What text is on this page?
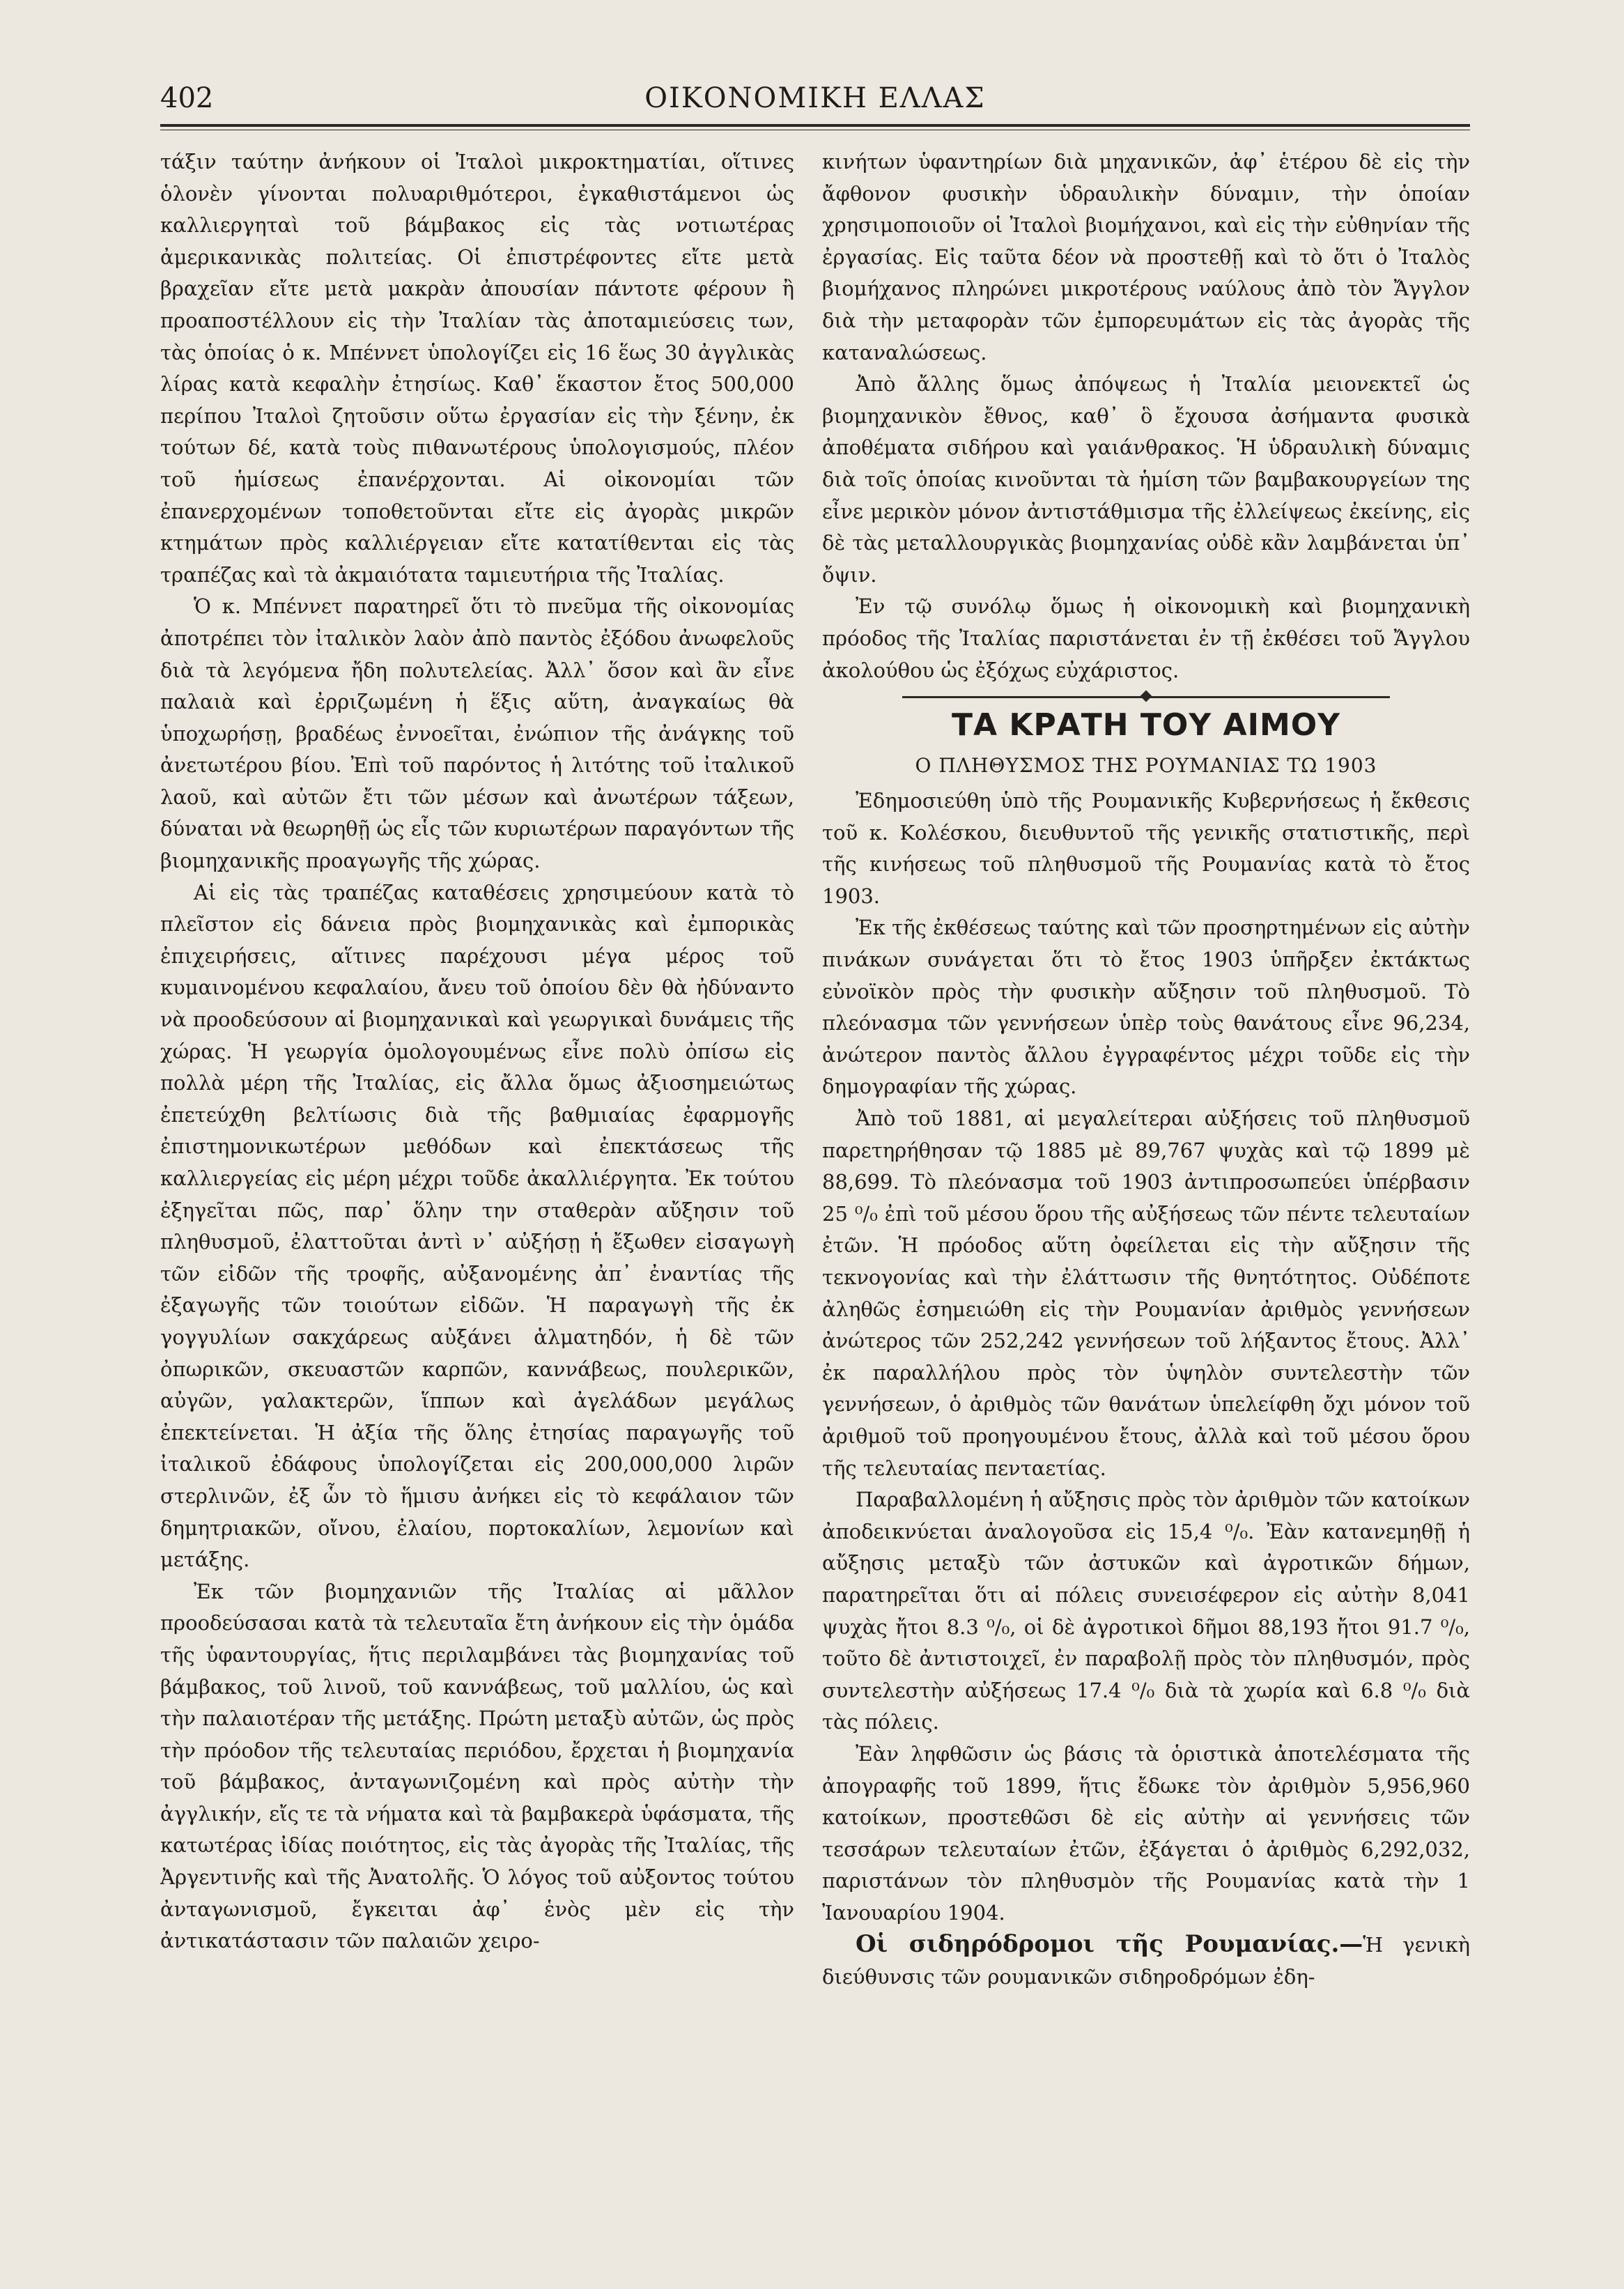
402	ΟΙΚΟΝΟΜΙΚΗ ΕΛΛΑΣ

τάξιν ταύτην ἀνήκουν οἱ Ἰταλοὶ μικροκτηματίαι, οἵτινες ὁλονὲν γίνονται πολυαριθμότεροι, ἐγκαθιστάμενοι ὡς καλλιεργηταὶ τοῦ βάμβακος εἰς τὰς νοτιωτέρας ἀμερικανικὰς πολιτείας. Οἱ ἐπιστρέφοντες εἴτε μετὰ βραχεῖαν εἴτε μετὰ μακρὰν ἀπουσίαν πάντοτε φέρουν ἢ προαποστέλλουν εἰς τὴν Ἰταλίαν τὰς ἀποταμιεύσεις των, τὰς ὁποίας ὁ κ. Μπέννετ ὑπολογίζει εἰς 16 ἕως 30 ἀγγλικὰς λίρας κατὰ κεφαλὴν ἐτησίως. Καθ᾽ ἕκαστον ἔτος 500,000 περίπου Ἰταλοὶ ζητοῦσιν οὕτω ἐργασίαν εἰς τὴν ξένην, ἐκ τούτων δέ, κατὰ τοὺς πιθανωτέρους ὑπολογισμούς, πλέον τοῦ ἡμίσεως ἐπανέρχονται. Αἱ οἰκονομίαι τῶν ἐπανερχομένων τοποθετοῦνται εἴτε εἰς ἀγορὰς μικρῶν κτημάτων πρὸς καλλιέργειαν εἴτε κατατίθενται εἰς τὰς τραπέζας καὶ τὰ ἀκμαιότατα ταμιευτήρια τῆς Ἰταλίας.

Ὁ κ. Μπέννετ παρατηρεῖ ὅτι τὸ πνεῦμα τῆς οἰκονομίας ἀποτρέπει τὸν ἰταλικὸν λαὸν ἀπὸ παντὸς ἐξόδου ἀνωφελοῦς διὰ τὰ λεγόμενα ἤδη πολυτελείας. Ἀλλ᾽ ὅσον καὶ ἂν εἶνε παλαιὰ καὶ ἐρριζωμένη ἡ ἕξις αὕτη, ἀναγκαίως θὰ ὑποχωρήσῃ, βραδέως ἐννοεῖται, ἐνώπιον τῆς ἀνάγκης τοῦ ἀνετωτέρου βίου. Ἐπὶ τοῦ παρόντος ἡ λιτότης τοῦ ἰταλικοῦ λαοῦ, καὶ αὐτῶν ἔτι τῶν μέσων καὶ ἀνωτέρων τάξεων, δύναται νὰ θεωρηθῇ ὡς εἷς τῶν κυριωτέρων παραγόντων τῆς βιομηχανικῆς προαγωγῆς τῆς χώρας.

Αἱ εἰς τὰς τραπέζας καταθέσεις χρησιμεύουν κατὰ τὸ πλεῖστον εἰς δάνεια πρὸς βιομηχανικὰς καὶ ἐμπορικὰς ἐπιχειρήσεις, αἵτινες παρέχουσι μέγα μέρος τοῦ κυμαινομένου κεφαλαίου, ἄνευ τοῦ ὁποίου δὲν θὰ ἠδύναντο νὰ προοδεύσουν αἱ βιομηχανικαὶ καὶ γεωργικαὶ δυνάμεις τῆς χώρας. Ἡ γεωργία ὁμολογουμένως εἶνε πολὺ ὀπίσω εἰς πολλὰ μέρη τῆς Ἰταλίας, εἰς ἄλλα ὅμως ἀξιοσημειώτως ἐπετεύχθη βελτίωσις διὰ τῆς βαθμιαίας ἐφαρμογῆς ἐπιστημονικωτέρων μεθόδων καὶ ἐπεκτάσεως τῆς καλλιεργείας εἰς μέρη μέχρι τοῦδε ἀκαλλιέργητα. Ἐκ τούτου ἐξηγεῖται πῶς, παρ᾽ ὅλην την σταθερὰν αὔξησιν τοῦ πληθυσμοῦ, ἐλαττοῦται ἀντὶ ν᾽ αὐξήσῃ ἡ ἔξωθεν εἰσαγωγὴ τῶν εἰδῶν τῆς τροφῆς, αὐξανομένης ἀπ᾽ ἐναντίας τῆς ἐξαγωγῆς τῶν τοιούτων εἰδῶν. Ἡ παραγωγὴ τῆς ἐκ γογγυλίων σακχάρεως αὐξάνει ἁλματηδόν, ἡ δὲ τῶν ὀπωρικῶν, σκευαστῶν καρπῶν, καννάβεως, πουλερικῶν, αὐγῶν, γαλακτερῶν, ἵππων καὶ ἀγελάδων μεγάλως ἐπεκτείνεται. Ἡ ἀξία τῆς ὅλης ἐτησίας παραγωγῆς τοῦ ἰταλικοῦ ἐδάφους ὑπολογίζεται εἰς 200,000,000 λιρῶν στερλινῶν, ἐξ ὧν τὸ ἥμισυ ἀνήκει εἰς τὸ κεφάλαιον τῶν δημητριακῶν, οἴνου, ἐλαίου, πορτοκαλίων, λεμονίων καὶ μετάξης.

Ἐκ τῶν βιομηχανιῶν τῆς Ἰταλίας αἱ μᾶλλον προοδεύσασαι κατὰ τὰ τελευταῖα ἔτη ἀνήκουν εἰς τὴν ὁμάδα τῆς ὑφαντουργίας, ἥτις περιλαμβάνει τὰς βιομηχανίας τοῦ βάμβακος, τοῦ λινοῦ, τοῦ καννάβεως, τοῦ μαλλίου, ὡς καὶ τὴν παλαιοτέραν τῆς μετάξης. Πρώτη μεταξὺ αὐτῶν, ὡς πρὸς τὴν πρόοδον τῆς τελευταίας περιόδου, ἔρχεται ἡ βιομηχανία τοῦ βάμβακος, ἀνταγωνιζομένη καὶ πρὸς αὐτὴν τὴν ἀγγλικήν, εἴς τε τὰ νήματα καὶ τὰ βαμβακερὰ ὑφάσματα, τῆς κατωτέρας ἰδίας ποιότητος, εἰς τὰς ἀγορὰς τῆς Ἰταλίας, τῆς Ἀργεντινῆς καὶ τῆς Ἀνατολῆς. Ὁ λόγος τοῦ αὐξοντος τούτου ἀνταγωνισμοῦ, ἔγκειται ἀφ᾽ ἑνὸς μὲν εἰς τὴν ἀντικατάστασιν τῶν παλαιῶν χειρο-

κινήτων ὑφαντηρίων διὰ μηχανικῶν, ἀφ᾽ ἑτέρου δὲ εἰς τὴν ἄφθονον φυσικὴν ὑδραυλικὴν δύναμιν, τὴν ὁποίαν χρησιμοποιοῦν οἱ Ἰταλοὶ βιομήχανοι, καὶ εἰς τὴν εὐθηνίαν τῆς ἐργασίας. Εἰς ταῦτα δέον νὰ προστεθῇ καὶ τὸ ὅτι ὁ Ἰταλὸς βιομήχανος πληρώνει μικροτέρους ναύλους ἀπὸ τὸν Ἄγγλον διὰ τὴν μεταφορὰν τῶν ἐμπορευμάτων εἰς τὰς ἀγορὰς τῆς καταναλώσεως.

Ἀπὸ ἄλλης ὅμως ἀπόψεως ἡ Ἰταλία μειονεκτεῖ ὡς βιομηχανικὸν ἔθνος, καθ᾽ ὃ ἔχουσα ἀσήμαντα φυσικὰ ἀποθέματα σιδήρου καὶ γαιάνθρακος. Ἡ ὑδραυλικὴ δύναμις διὰ τοῖς ὁποίας κινοῦνται τὰ ἡμίση τῶν βαμβακουργείων της εἶνε μερικὸν μόνον ἀντιστάθμισμα τῆς ἐλλείψεως ἐκείνης, εἰς δὲ τὰς μεταλλουργικὰς βιομηχανίας οὐδὲ κἂν λαμβάνεται ὑπ᾽ ὄψιν.

Ἐν τῷ συνόλῳ ὅμως ἡ οἰκονομικὴ καὶ βιομηχανικὴ πρόοδος τῆς Ἰταλίας παριστάνεται ἐν τῇ ἐκθέσει τοῦ Ἄγγλου ἀκολούθου ὡς ἐξόχως εὐχάριστος.

ΤΑ ΚΡΑΤΗ ΤΟΥ ΑΙΜΟΥ
Ο ΠΛΗΘΥΣΜΟΣ ΤΗΣ ΡΟΥΜΑΝΙΑΣ ΤΩ 1903

Ἐδημοσιεύθη ὑπὸ τῆς Ρουμανικῆς Κυβερνήσεως ἡ ἔκθεσις τοῦ κ. Κολέσκου, διευθυντοῦ τῆς γενικῆς στατιστικῆς, περὶ τῆς κινήσεως τοῦ πληθυσμοῦ τῆς Ρουμανίας κατὰ τὸ ἔτος 1903.

Ἐκ τῆς ἐκθέσεως ταύτης καὶ τῶν προσηρτημένων εἰς αὐτὴν πινάκων συνάγεται ὅτι τὸ ἔτος 1903 ὑπῆρξεν ἐκτάκτως εὐνοϊκὸν πρὸς τὴν φυσικὴν αὔξησιν τοῦ πληθυσμοῦ. Τὸ πλεόνασμα τῶν γεννήσεων ὑπὲρ τοὺς θανάτους εἶνε 96,234, ἀνώτερον παντὸς ἄλλου ἐγγραφέντος μέχρι τοῦδε εἰς τὴν δημογραφίαν τῆς χώρας.

Ἀπὸ τοῦ 1881, αἱ μεγαλείτεραι αὐξήσεις τοῦ πληθυσμοῦ παρετηρήθησαν τῷ 1885 μὲ 89,767 ψυχὰς καὶ τῷ 1899 μὲ 88,699. Τὸ πλεόνασμα τοῦ 1903 ἀντιπροσωπεύει ὑπέρβασιν 25 ⁰/₀ ἐπὶ τοῦ μέσου ὅρου τῆς αὐξήσεως τῶν πέντε τελευταίων ἐτῶν. Ἡ πρόοδος αὕτη ὀφείλεται εἰς τὴν αὔξησιν τῆς τεκνογονίας καὶ τὴν ἐλάττωσιν τῆς θνητότητος. Οὐδέποτε ἀληθῶς ἐσημειώθη εἰς τὴν Ρουμανίαν ἀριθμὸς γεννήσεων ἀνώτερος τῶν 252,242 γεννήσεων τοῦ λήξαντος ἔτους. Ἀλλ᾽ ἐκ παραλλήλου πρὸς τὸν ὑψηλὸν συντελεστὴν τῶν γεννήσεων, ὁ ἀριθμὸς τῶν θανάτων ὑπελείφθη ὄχι μόνον τοῦ ἀριθμοῦ τοῦ προηγουμένου ἔτους, ἀλλὰ καὶ τοῦ μέσου ὅρου τῆς τελευταίας πενταετίας.

Παραβαλλομένη ἡ αὔξησις πρὸς τὸν ἀριθμὸν τῶν κατοίκων ἀποδεικνύεται ἀναλογοῦσα εἰς 15,4 ⁰/₀. Ἐὰν κατανεμηθῇ ἡ αὔξησις μεταξὺ τῶν ἀστυκῶν καὶ ἀγροτικῶν δήμων, παρατηρεῖται ὅτι αἱ πόλεις συνεισέφερον εἰς αὐτὴν 8,041 ψυχὰς ἤτοι 8.3 ⁰/₀, οἱ δὲ ἀγροτικοὶ δῆμοι 88,193 ἤτοι 91.7 ⁰/₀, τοῦτο δὲ ἀντιστοιχεῖ, ἐν παραβολῇ πρὸς τὸν πληθυσμόν, πρὸς συντελεστὴν αὐξήσεως 17.4 ⁰/₀ διὰ τὰ χωρία καὶ 6.8 ⁰/₀ διὰ τὰς πόλεις.

Ἐὰν ληφθῶσιν ὡς βάσις τὰ ὁριστικὰ ἀποτελέσματα τῆς ἀπογραφῆς τοῦ 1899, ἥτις ἔδωκε τὸν ἀριθμὸν 5,956,960 κατοίκων, προστεθῶσι δὲ εἰς αὐτὴν αἱ γεννήσεις τῶν τεσσάρων τελευταίων ἐτῶν, ἐξάγεται ὁ ἀριθμὸς 6,292,032, παριστάνων τὸν πληθυσμὸν τῆς Ρουμανίας κατὰ τὴν 1 Ἰανουαρίου 1904.

Οἱ σιδηρόδρομοι τῆς Ρουμανίας.—Ἡ γενικὴ διεύθυνσις τῶν ρουμανικῶν σιδηροδρόμων ἐδη-
